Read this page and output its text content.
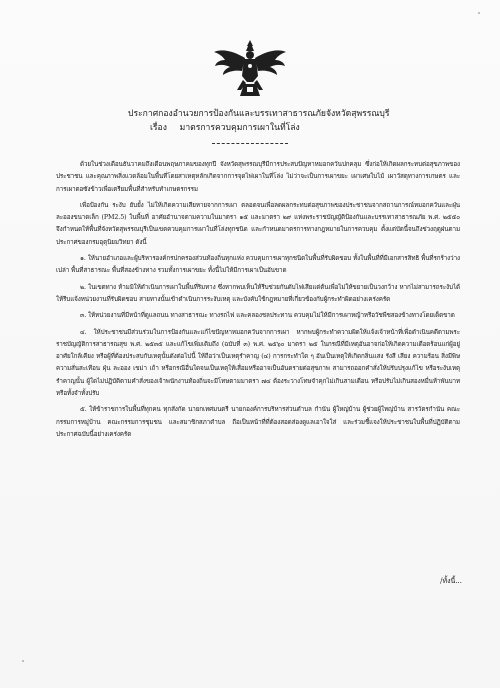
ประกาศกองอำนวยการป้องกันและบรรเทาสาธารณภัยจังหวัดสุพรรณบุรี
เรื่อง มาตรการควบคุมการเผาในที่โล่ง

ด้วยในช่วงเดือนธันวาคมถึงเดือนพฤษภาคมของทุกปี จังหวัดสุพรรณบุรีมีการประสบปัญหาหมอกควันปกคลุม ซึ่งก่อให้เกิดผลกระทบต่อสุขภาพของประชาชน และคุณภาพสิ่งแวดล้อมในพื้นที่โดยสาเหตุหลักเกิดจากการจุดไฟเผาในที่โล่ง ไม่ว่าจะเป็นการเผาขยะ เผาเศษใบไม้ เผาวัสดุทางการเกษตร และการเผาตอซังข้าวเพื่อเตรียมพื้นที่สำหรับทำเกษตรกรรม

เพื่อป้องกัน ระงับ ยับยั้ง ไม่ให้เกิดความเสียหายจากการเผา ตลอดจนเพื่อลดผลกระทบต่อสุขภาพของประชาชนจากสถานการณ์หมอกควันและฝุ่นละอองขนาดเล็ก (PM2.5) ในพื้นที่ อาศัยอำนาจตามความในมาตรา ๑๕ และมาตรา ๒๙ แห่งพระราชบัญญัติป้องกันและบรรเทาสาธารณภัย พ.ศ. ๒๕๕๐ จึงกำหนดให้พื้นที่จังหวัดสุพรรณบุรีเป็นเขตควบคุมการเผาในที่โล่งทุกชนิด และกำหนดมาตรการทางกฎหมายในการควบคุม ตั้งแต่บัดนี้จนถึงช่วงฤดูฝนตามประกาศของกรมอุตุนิยมวิทยา ดังนี้

๑. ให้นายอำเภอและผู้บริหารองค์กรปกครองส่วนท้องถิ่นทุกแห่ง ควบคุมการเผาทุกชนิดในพื้นที่รับผิดชอบ ทั้งในพื้นที่ที่มีเอกสารสิทธิ พื้นที่รกร้างว่างเปล่า พื้นที่สาธารณะ พื้นที่สองข้างทาง รวมทั้งการเผาขยะ ทั้งนี้ไม่ให้มีการเผาเป็นอันขาด

๒. ในเขตทาง ห้ามมิให้ดำเนินการเผาในพื้นที่ริมทาง ซึ่งหากพบเห็นให้รีบช่วยกันดับไฟเสียแต่ต้นเพื่อไม่ให้ขยายเป็นวงกว้าง หากไม่สามารถระงับได้ให้รีบแจ้งหน่วยงานที่รับผิดชอบ สายทางนั้นเข้าดำเนินการระงับเหตุ และบังคับใช้กฎหมายที่เกี่ยวข้องกับผู้กระทำผิดอย่างเคร่งครัด

๓. ให้หน่วยงานที่มีหน้าที่ดูแลถนน ทางสาธารณะ ทางรถไฟ และคลองชลประทาน ควบคุมไม่ให้มีการเผาหญ้าหรือวัชพืชสองข้างทางโดยเด็ดขาด

๔. ให้ประชาชนมีส่วนร่วมในการป้องกันและแก้ไขปัญหาหมอกควันจากการเผา หากพบผู้กระทำความผิดให้แจ้งเจ้าหน้าที่เพื่อดำเนินคดีตามพระราชบัญญัติการสาธารณสุข พ.ศ. ๒๕๓๕ และแก้ไขเพิ่มเติมถึง (ฉบับที่ ๓) พ.ศ. ๒๕๖๐ มาตรา ๒๕ ในกรณีที่มีเหตุอันอาจก่อให้เกิดความเดือดร้อนแก่ผู้อยู่อาศัยใกล้เคียง หรือผู้ที่ต้องประสบกับเหตุนั้นดังต่อไปนี้ ให้ถือว่าเป็นเหตุรำคาญ (๔) การกระทำใด ๆ อันเป็นเหตุให้เกิดกลิ่นแสง รังสี เสียง ความร้อน สิ่งมีพิษ ความสั่นสะเทือน ฝุ่น ละออง เขม่า เถ้า หรือกรณีอื่นใดจนเป็นเหตุให้เสื่อมหรืออาจเป็นอันตรายต่อสุขภาพ สามารถออกคำสั่งให้ปรับปรุงแก้ไข หรือระงับเหตุรำคาญนั้น ผู้ใดไม่ปฏิบัติตามคำสั่งของเจ้าพนักงานท้องถิ่นจะมีโทษตามมาตรา ๗๔ ต้องระวางโทษจำคุกไม่เกินสามเดือน หรือปรับไม่เกินสองหมื่นห้าพันบาท หรือทั้งจำทั้งปรับ

๕. ให้ข้าราชการในพื้นที่ทุกคน ทุกสังกัด นายกเทศมนตรี นายกองค์การบริหารส่วนตำบล กำนัน ผู้ใหญ่บ้าน ผู้ช่วยผู้ใหญ่บ้าน สารวัตรกำนัน คณะกรรมการหมู่บ้าน คณะกรรมการชุมชน และสมาชิกสภาตำบล ถือเป็นหน้าที่ที่ต้องสอดส่องดูแลเอาใจใส่ และร่วมชี้แจงให้ประชาชนในพื้นที่ปฏิบัติตามประกาศฉบับนี้อย่างเคร่งครัด

/ทั้งนี้...
